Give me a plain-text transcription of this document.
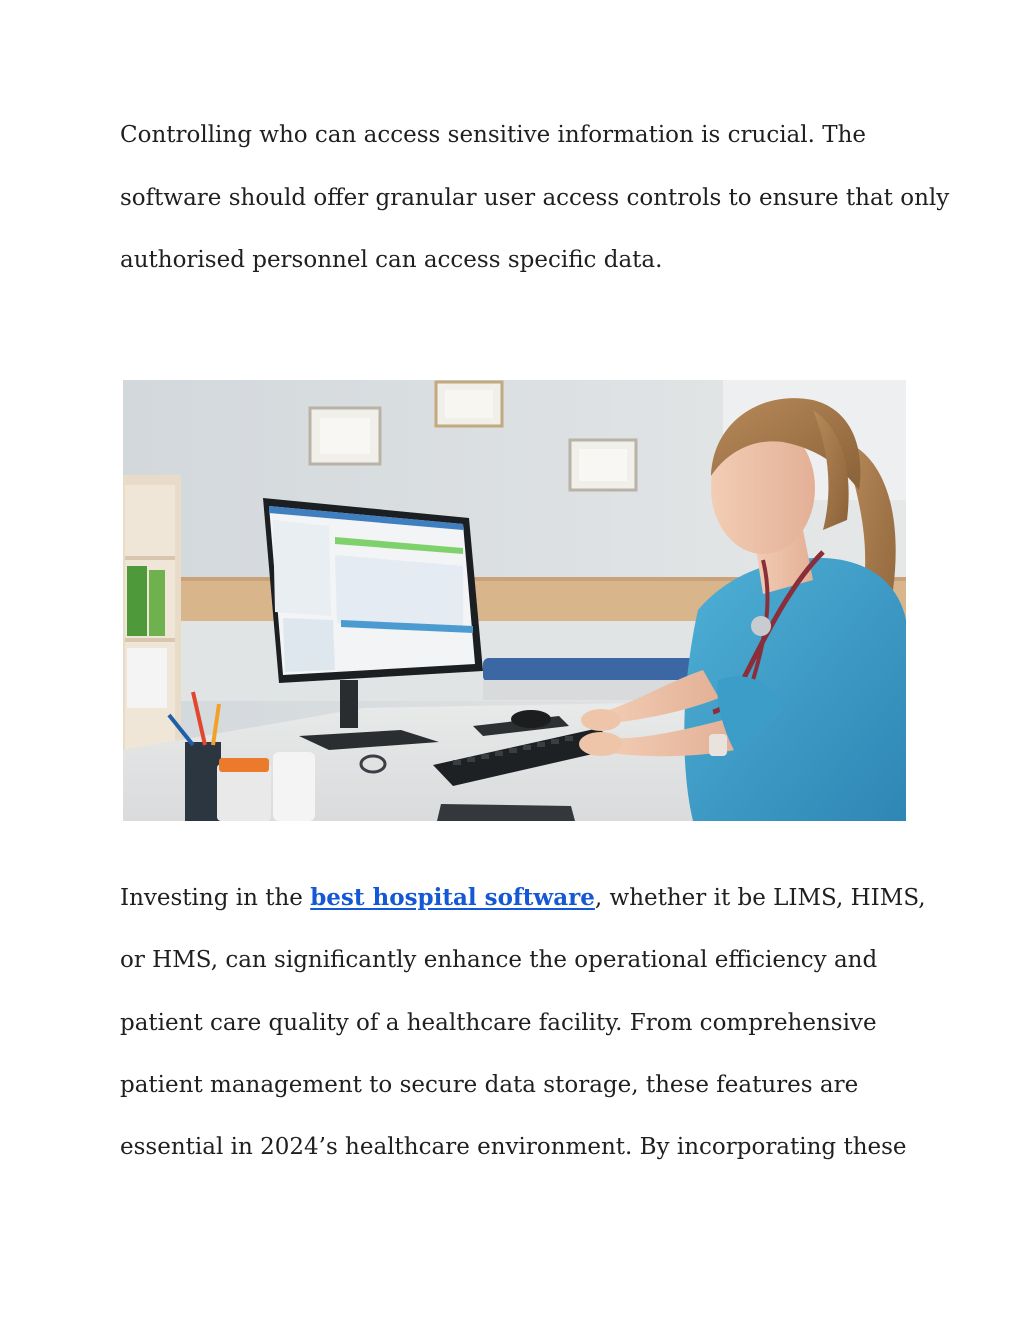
Controlling who can access sensitive information is crucial. The
software should offer granular user access controls to ensure that only
authorised personnel can access specific data.
Investing in the best hospital software, whether it be LIMS, HIMS,
or HMS, can significantly enhance the operational efficiency and
patient care quality of a healthcare facility. From comprehensive
patient management to secure data storage, these features are
essential in 2024’s healthcare environment. By incorporating these
